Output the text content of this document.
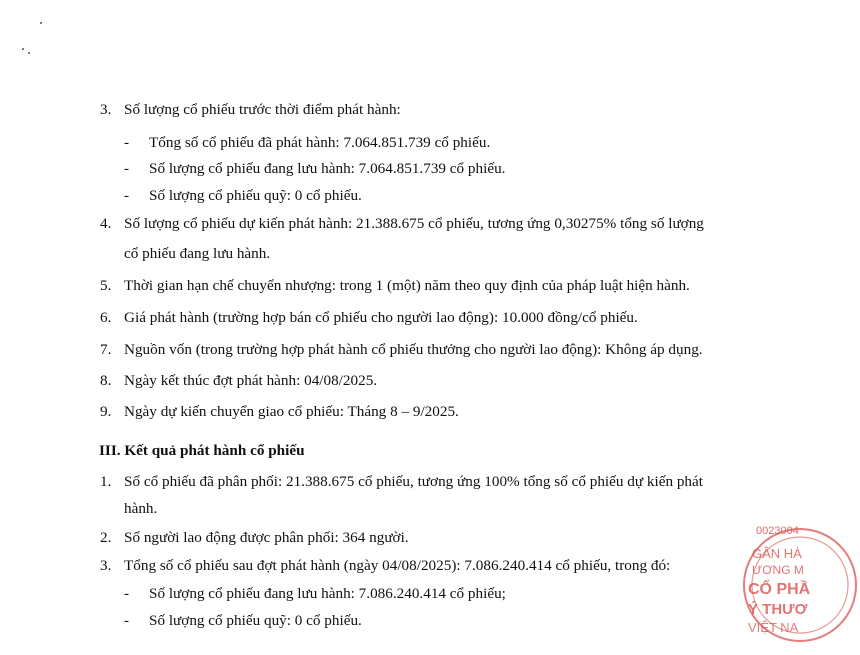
3. Số lượng cổ phiếu trước thời điểm phát hành:
- Tổng số cổ phiếu đã phát hành: 7.064.851.739 cổ phiếu.
- Số lượng cổ phiếu đang lưu hành: 7.064.851.739 cổ phiếu.
- Số lượng cổ phiếu quỹ: 0 cổ phiếu.
4. Số lượng cổ phiếu dự kiến phát hành: 21.388.675 cổ phiếu, tương ứng 0,30275% tổng số lượng
cổ phiếu đang lưu hành.
5. Thời gian hạn chế chuyển nhượng: trong 1 (một) năm theo quy định của pháp luật hiện hành.
6. Giá phát hành (trường hợp bán cổ phiếu cho người lao động): 10.000 đồng/cổ phiếu.
7. Nguồn vốn (trong trường hợp phát hành cổ phiếu thưởng cho người lao động): Không áp dụng.
8. Ngày kết thúc đợt phát hành: 04/08/2025.
9. Ngày dự kiến chuyển giao cổ phiếu: Tháng 8 – 9/2025.
III. Kết quả phát hành cổ phiếu
1. Số cổ phiếu đã phân phối: 21.388.675 cổ phiếu, tương ứng 100% tổng số cổ phiếu dự kiến phát
hành.
2. Số người lao động được phân phối: 364 người.
3. Tổng số cổ phiếu sau đợt phát hành (ngày 04/08/2025): 7.086.240.414 cổ phiếu, trong đó:
- Số lượng cổ phiếu đang lưu hành: 7.086.240.414 cổ phiếu;
- Số lượng cổ phiếu quỹ: 0 cổ phiếu.
0023004
GÂN HÀ
ƯƠNG M
CỔ PHẦ
Ý THƯƠ
VIỆT NA
